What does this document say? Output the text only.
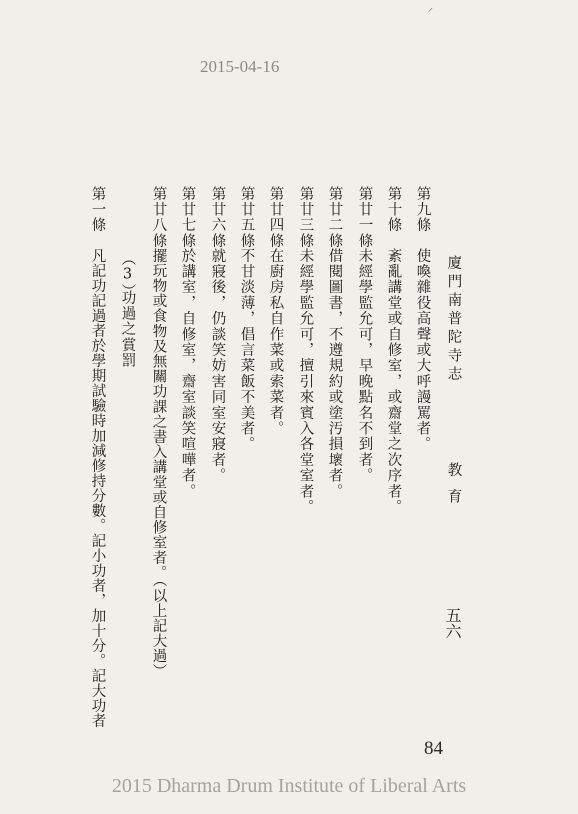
⸍
2015-04-16
廈門南普陀寺志
教育
五六
第九條
使喚雜役高聲或大呼謾罵者。
第十條
紊亂講堂或自修室，或齋堂之次序者。
第廿一條
未經學監允可，早晚點名不到者。
第廿二條
借閱圖書，不遵規約或塗汚損壞者。
第廿三條
未經學監允可，擅引來賓入各堂室者。
第廿四條
在廚房私自作菜或索菜者。
第廿五條
不甘淡薄，倡言菜飯不美者。
第廿六條
就寢後，仍談笑妨害同室安寢者。
第廿七條
於講室，自修室，齋室談笑喧嘩者。
第廿八條
擺玩物或食物及無關功課之書入講堂或自修室者。（以上記大過）
（3）
功過之賞罰
第一條
凡記功記過者於學期試驗時加減修持分數。記小功者，加十分。記大功者
84
2015 Dharma Drum Institute of Liberal Arts
